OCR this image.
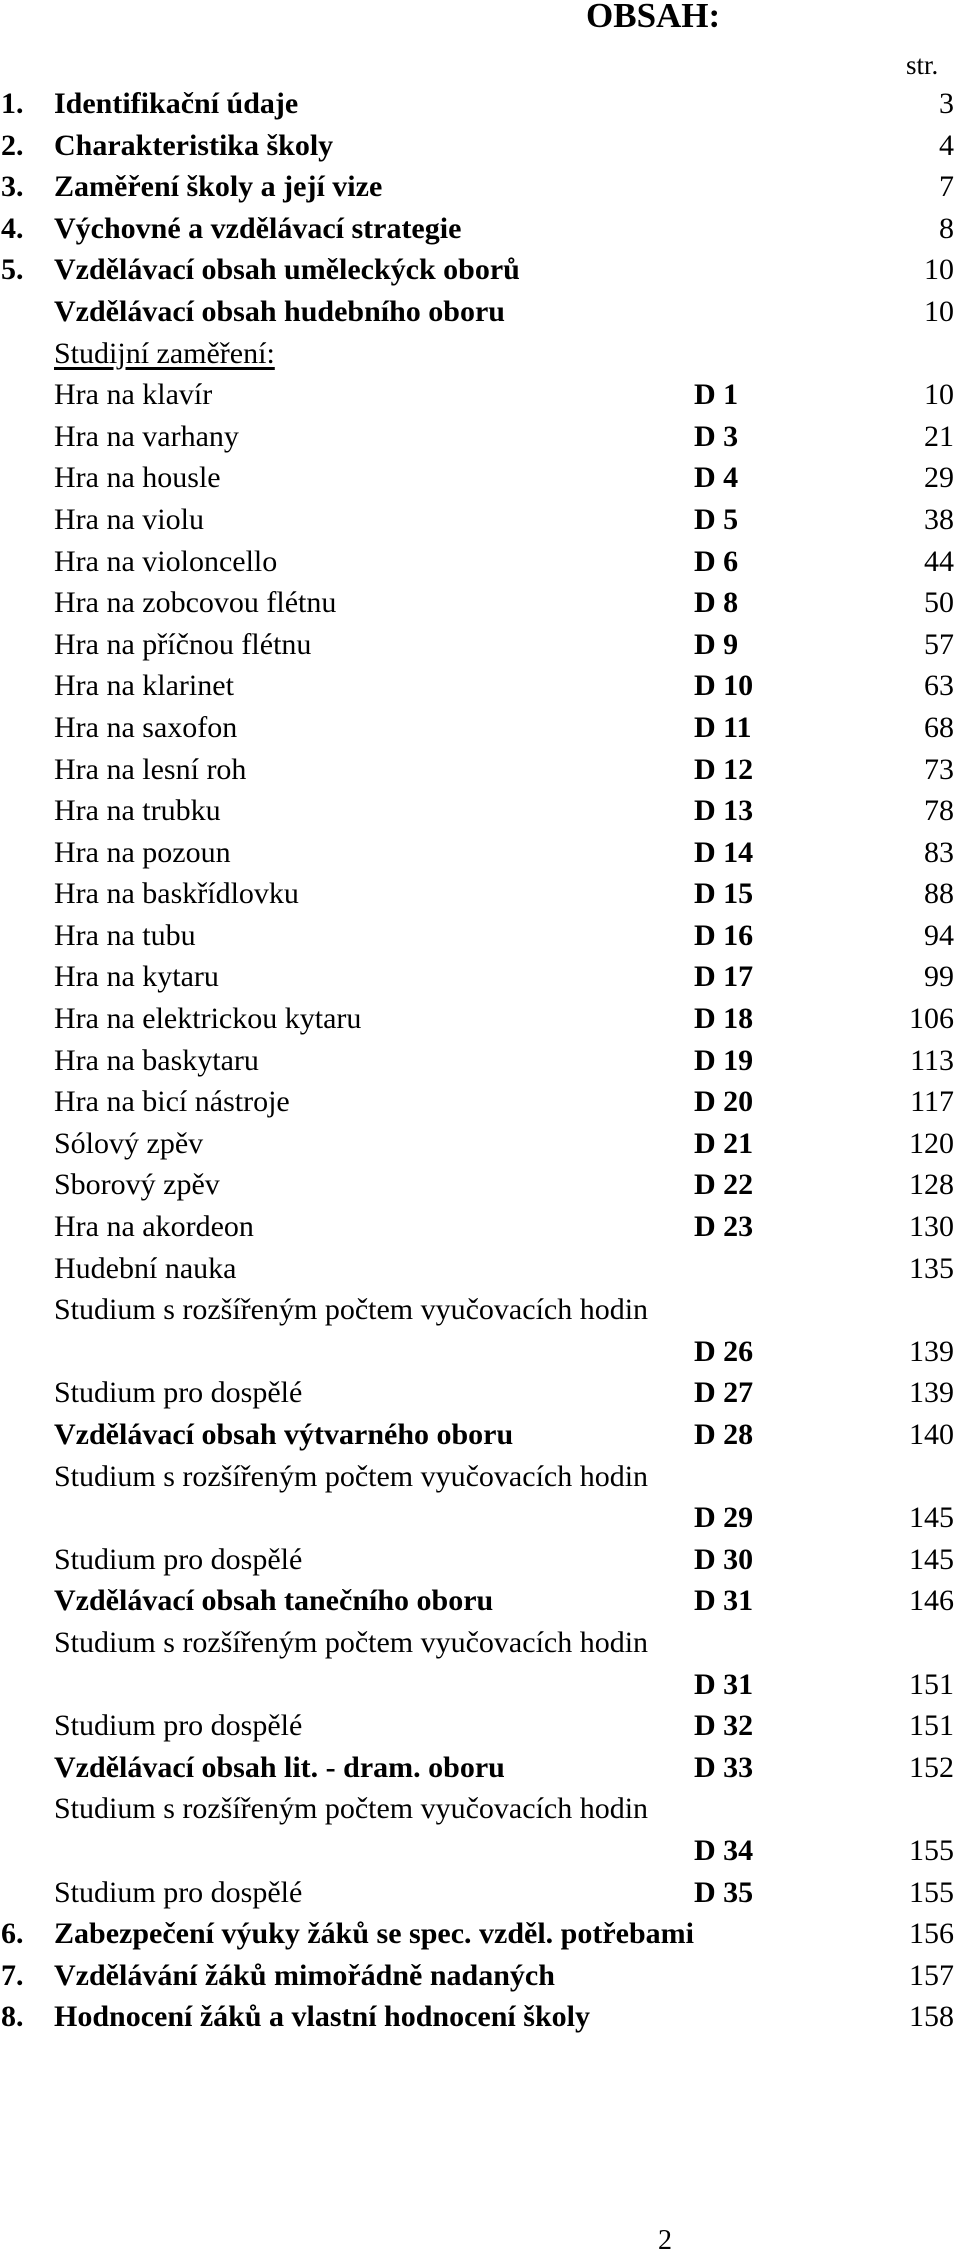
OBSAH:
str.
1. Identifikační údaje	3
2. Charakteristika školy	4
3. Zaměření školy a její vize	7
4. Výchovné a vzdělávací strategie	8
5. Vzdělávací obsah uměleckýck oborů	10
Vzdělávací obsah hudebního oboru	10
Studijní zaměření:
Hra na klavír	D 1	10
Hra na varhany	D 3	21
Hra na housle	D 4	29
Hra na violu	D 5	38
Hra na violoncello	D 6	44
Hra na zobcovou flétnu	D 8	50
Hra na příčnou flétnu	D 9	57
Hra na klarinet	D 10	63
Hra na saxofon	D 11	68
Hra na lesní roh	D 12	73
Hra na trubku	D 13	78
Hra na pozoun	D 14	83
Hra na baskřídlovku	D 15	88
Hra na tubu	D 16	94
Hra na kytaru	D 17	99
Hra na elektrickou kytaru	D 18	106
Hra na baskytaru	D 19	113
Hra na bicí nástroje	D 20	117
Sólový zpěv	D 21	120
Sborový zpěv	D 22	128
Hra na akordeon	D 23	130
Hudební nauka	135
Studium s rozšířeným počtem vyučovacích hodin
D 26	139
Studium pro dospělé	D 27	139
Vzdělávací obsah výtvarného oboru	D 28	140
Studium s rozšířeným počtem vyučovacích hodin
D 29	145
Studium pro dospělé	D 30	145
Vzdělávací obsah tanečního oboru	D 31	146
Studium s rozšířeným počtem vyučovacích hodin
D 31	151
Studium pro dospělé	D 32	151
Vzdělávací obsah lit. - dram. oboru	D 33	152
Studium s rozšířeným počtem vyučovacích hodin
D 34	155
Studium pro dospělé	D 35	155
6. Zabezpečení výuky žáků se spec. vzděl. potřebami	156
7. Vzdělávání žáků mimořádně nadaných	157
8. Hodnocení žáků a vlastní hodnocení školy	158
2
